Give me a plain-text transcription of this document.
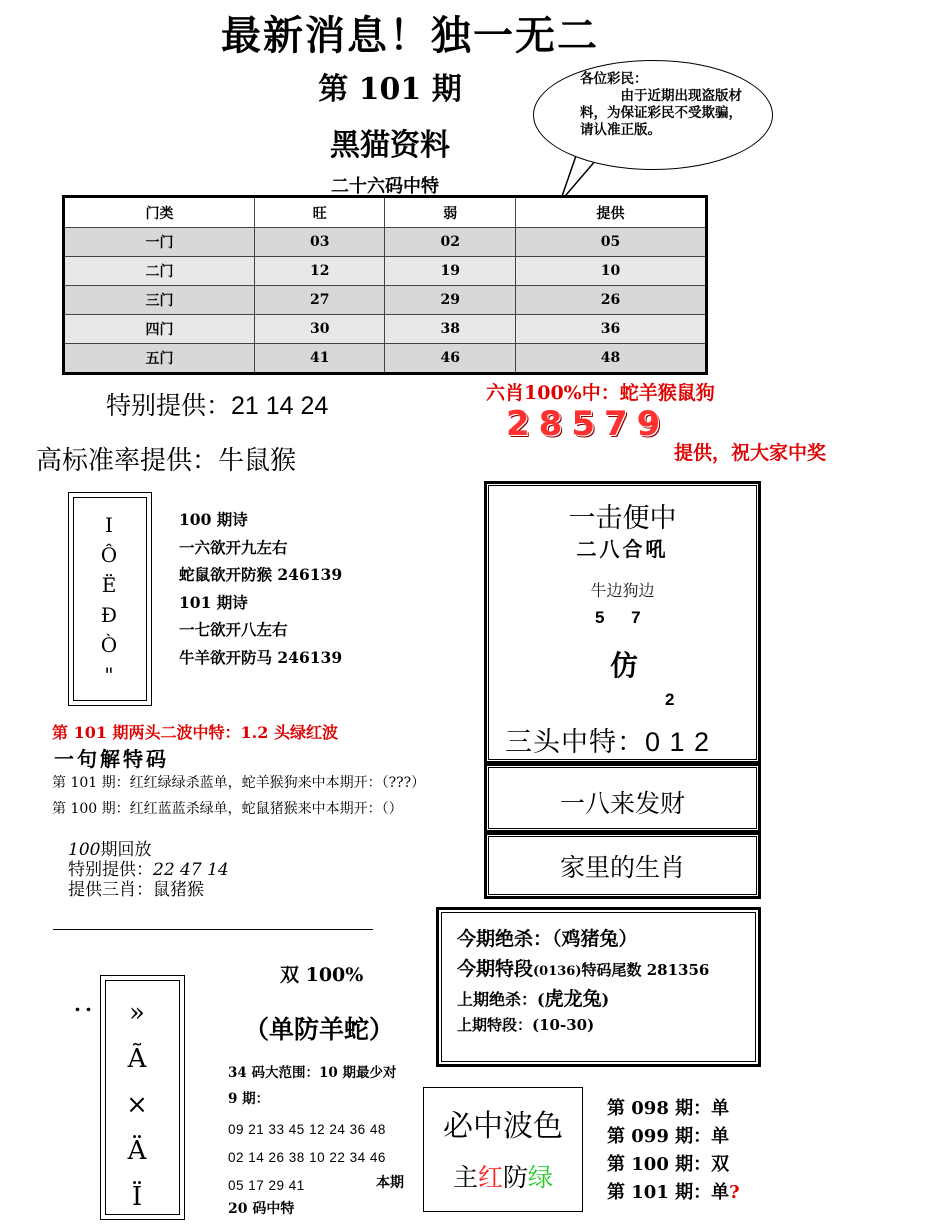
最新消息！独一无二
第 101 期
黑猫资料
二十六码中特
各位彩民：
由于近期出现盗版材料，为保证彩民不受欺骗，请认准正版。
门类	旺	弱	提供
一门	03	02	05
二门	12	19	10
三门	27	29	26
四门	30	38	36
五门	41	46	48
特别提供：21 14 24	六肖100%中：蛇羊猴鼠狗
28579
提供，祝大家中奖
高标准率提供：牛鼠猴
I
Ô
Ë
Ð
Ò
"
100 期诗
一六欲开九左右
蛇鼠欲开防猴 246139
101 期诗
一七欲开八左右
牛羊欲开防马 246139
第 101 期两头二波中特：1.2 头绿红波
一句解特码
第 101 期：红红绿绿杀蓝单，蛇羊猴狗来中本期开：（???）
第 100 期：红红蓝蓝杀绿单，蛇鼠猪猴来中本期开：（）
100期回放
特别提供：22 47 14
提供三肖：鼠猪猴
一击便中
二八合吼
牛边狗边
5 7
仿
2
三头中特：0 1 2
一八来发财
家里的生肖
今期绝杀：（鸡猪兔）
今期特段(0136)特码尾数 281356
上期绝杀：(虎龙兔)
上期特段：(10-30)
..	»
Ã
×
Ä
Ï
双 100%
（单防羊蛇）
34 码大范围：10 期最少对
9 期：
09 21 33 45 12 24 36 48
02 14 26 38 10 22 34 46
05 17 29 41	本期
20 码中特
必中波色
主红防绿
第 098 期：单
第 099 期：单
第 100 期：双
第 101 期：单?
